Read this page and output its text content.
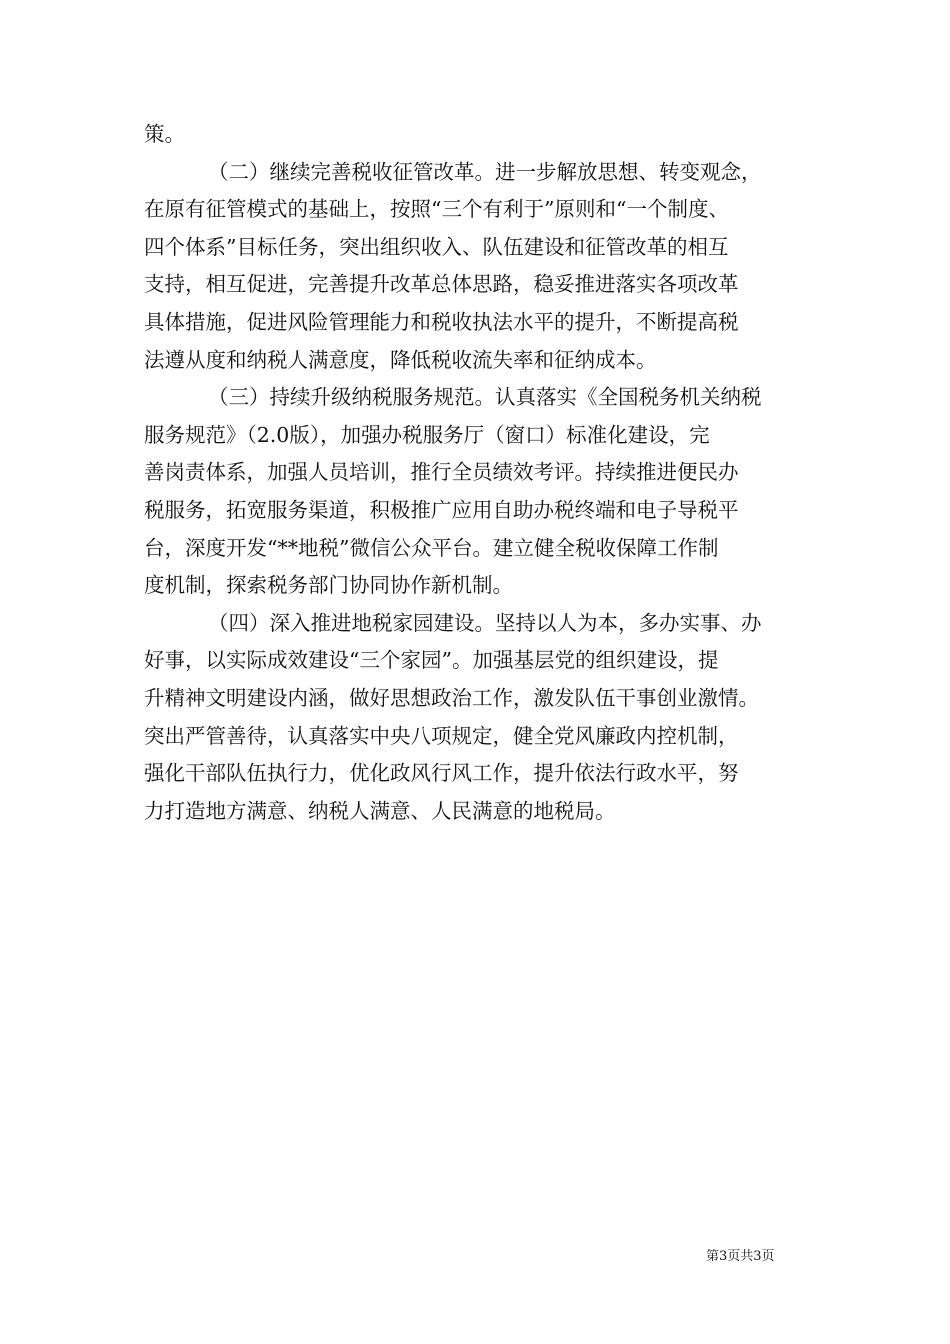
策。
（二）继续完善税收征管改革。进一步解放思想、转变观念，
在原有征管模式的基础上，按照“三个有利于”原则和“一个制度、
四个体系”目标任务，突出组织收入、队伍建设和征管改革的相互
支持，相互促进，完善提升改革总体思路，稳妥推进落实各项改革
具体措施，促进风险管理能力和税收执法水平的提升，不断提高税
法遵从度和纳税人满意度，降低税收流失率和征纳成本。
（三）持续升级纳税服务规范。认真落实《全国税务机关纳税
服务规范》（2.0版），加强办税服务厅（窗口）标准化建设，完
善岗责体系，加强人员培训，推行全员绩效考评。持续推进便民办
税服务，拓宽服务渠道，积极推广应用自助办税终端和电子导税平
台，深度开发“**地税”微信公众平台。建立健全税收保障工作制
度机制，探索税务部门协同协作新机制。
（四）深入推进地税家园建设。坚持以人为本，多办实事、办
好事，以实际成效建设“三个家园”。加强基层党的组织建设，提
升精神文明建设内涵，做好思想政治工作，激发队伍干事创业激情。
突出严管善待，认真落实中央八项规定，健全党风廉政内控机制，
强化干部队伍执行力，优化政风行风工作，提升依法行政水平，努
力打造地方满意、纳税人满意、人民满意的地税局。
第3页共3页
